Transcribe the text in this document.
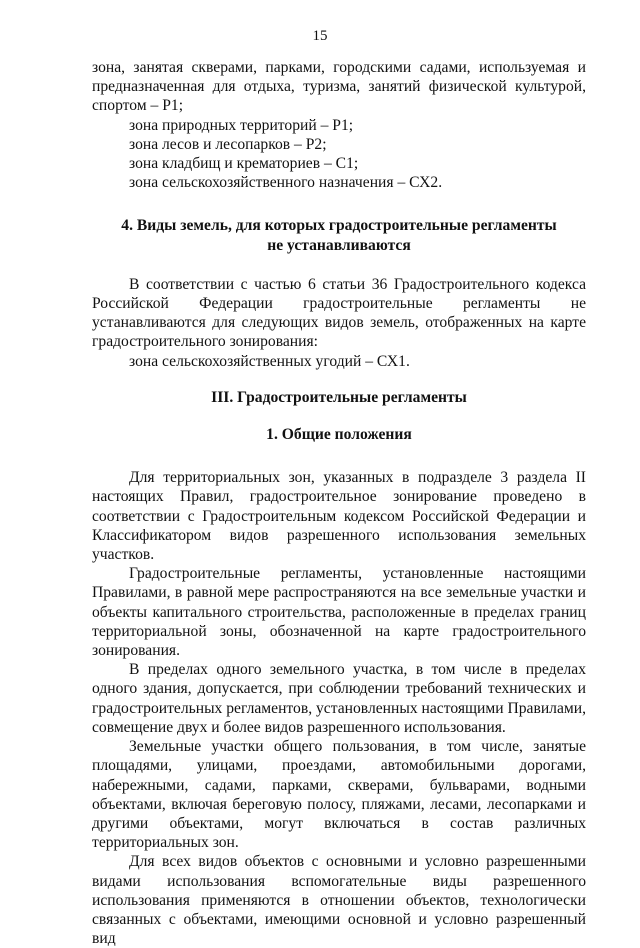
15

зона, занятая скверами, парками, городскими садами, используемая и предназначенная для отдыха, туризма, занятий физической культурой, спортом – Р1;

зона природных территорий – Р1;

зона лесов и лесопарков – Р2;

зона кладбищ и крематориев – С1;

зона сельскохозяйственного назначения – СХ2.

4. Виды земель, для которых градостроительные регламенты
не устанавливаются

В соответствии с частью 6 статьи 36 Градостроительного кодекса Российской Федерации градостроительные регламенты не устанавливаются для следующих видов земель, отображенных на карте градостроительного зонирования:

зона сельскохозяйственных угодий – СХ1.

III. Градостроительные регламенты
1. Общие положения

Для территориальных зон, указанных в подразделе 3 раздела II настоящих Правил, градостроительное зонирование проведено в соответствии с Градостроительным кодексом Российской Федерации и Классификатором видов разрешенного использования земельных участков.

Градостроительные регламенты, установленные настоящими Правилами, в равной мере распространяются на все земельные участки и объекты капитального строительства, расположенные в пределах границ территориальной зоны, обозначенной на карте градостроительного зонирования.

В пределах одного земельного участка, в том числе в пределах одного здания, допускается, при соблюдении требований технических и градостроительных регламентов, установленных настоящими Правилами, совмещение двух и более видов разрешенного использования.

Земельные участки общего пользования, в том числе, занятые площадями, улицами, проездами, автомобильными дорогами, набережными, садами, парками, скверами, бульварами, водными объектами, включая береговую полосу, пляжами, лесами, лесопарками и другими объектами, могут включаться в состав различных территориальных зон.

Для всех видов объектов с основными и условно разрешенными видами использования вспомогательные виды разрешенного использования применяются в отношении объектов, технологически связанных с объектами, имеющими основной и условно разрешенный вид
